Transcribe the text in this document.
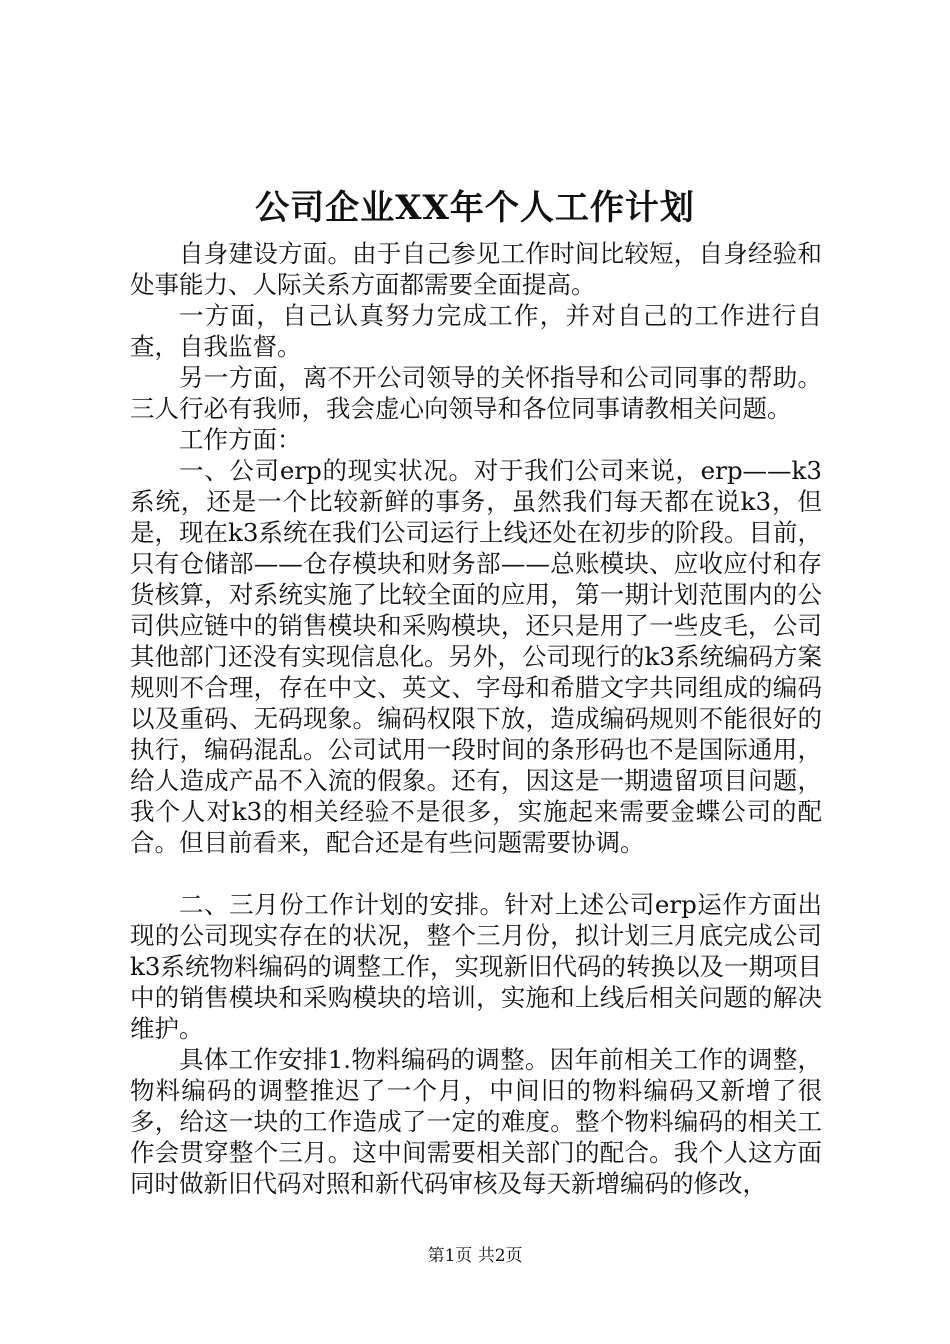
公司企业XX年个人工作计划

自身建设方面。由于自己参见工作时间比较短，自身经验和处事能力、人际关系方面都需要全面提高。

一方面，自己认真努力完成工作，并对自己的工作进行自查，自我监督。

另一方面，离不开公司领导的关怀指导和公司同事的帮助。三人行必有我师，我会虚心向领导和各位同事请教相关问题。

工作方面：

一、公司erp的现实状况。对于我们公司来说，erp——k3系统，还是一个比较新鲜的事务，虽然我们每天都在说k3，但是，现在k3系统在我们公司运行上线还处在初步的阶段。目前，只有仓储部——仓存模块和财务部——总账模块、应收应付和存货核算，对系统实施了比较全面的应用，第一期计划范围内的公司供应链中的销售模块和采购模块，还只是用了一些皮毛，公司其他部门还没有实现信息化。另外，公司现行的k3系统编码方案规则不合理，存在中文、英文、字母和希腊文字共同组成的编码以及重码、无码现象。编码权限下放，造成编码规则不能很好的执行，编码混乱。公司试用一段时间的条形码也不是国际通用，给人造成产品不入流的假象。还有，因这是一期遗留项目问题，我个人对k3的相关经验不是很多，实施起来需要金蝶公司的配合。但目前看来，配合还是有些问题需要协调。

二、三月份工作计划的安排。针对上述公司erp运作方面出现的公司现实存在的状况，整个三月份，拟计划三月底完成公司k3系统物料编码的调整工作，实现新旧代码的转换以及一期项目中的销售模块和采购模块的培训，实施和上线后相关问题的解决维护。

具体工作安排1.物料编码的调整。因年前相关工作的调整，物料编码的调整推迟了一个月，中间旧的物料编码又新增了很多，给这一块的工作造成了一定的难度。整个物料编码的相关工作会贯穿整个三月。这中间需要相关部门的配合。我个人这方面同时做新旧代码对照和新代码审核及每天新增编码的修改，

第1页 共2页
